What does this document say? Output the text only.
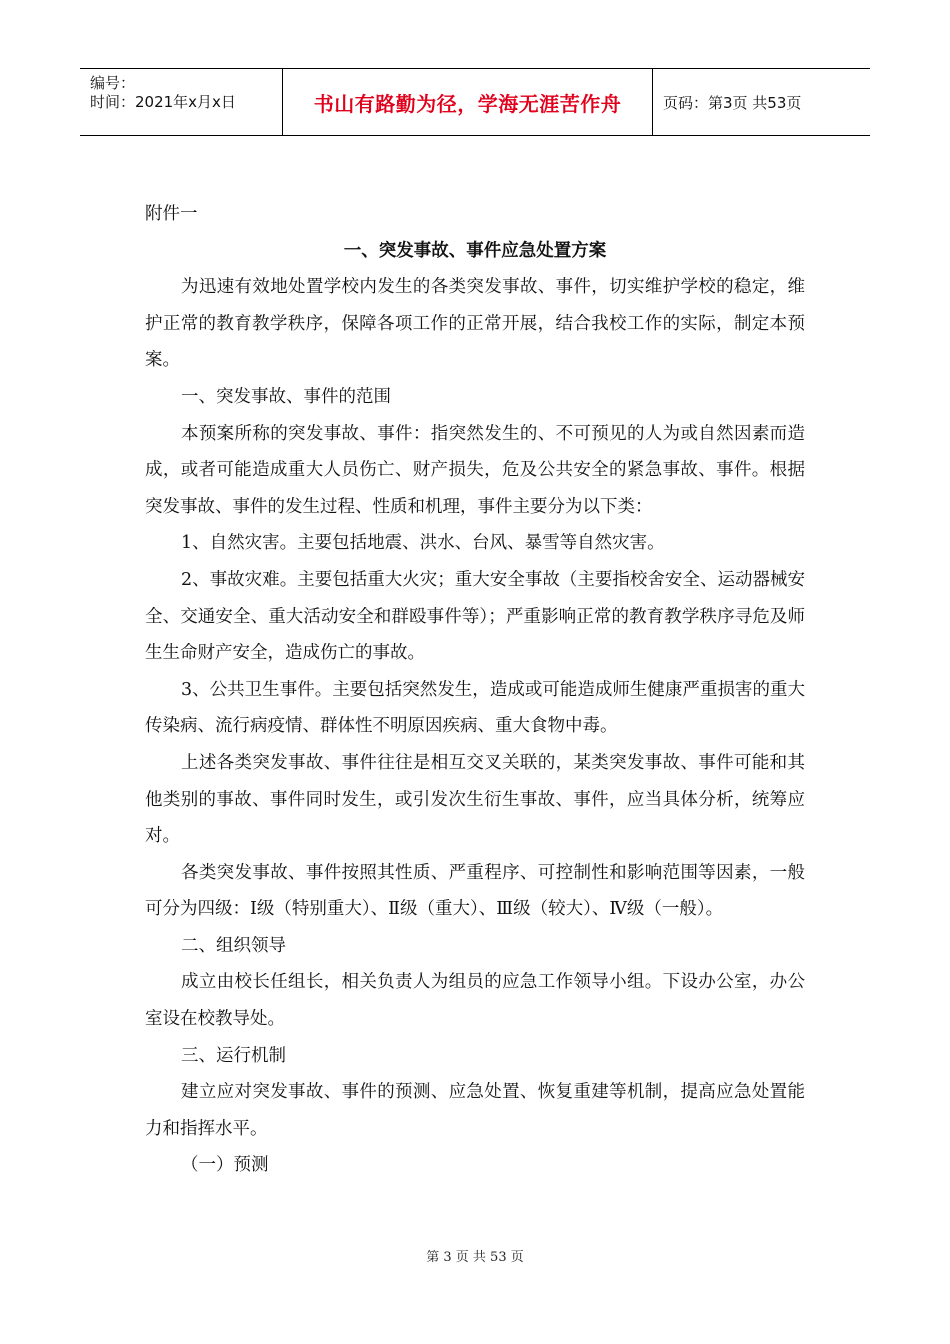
编号：
时间：2021年x月x日	书山有路勤为径，学海无涯苦作舟	页码：第3页 共53页

附件一

一、突发事故、事件应急处置方案

为迅速有效地处置学校内发生的各类突发事故、事件，切实维护学校的稳定，维护正常的教育教学秩序，保障各项工作的正常开展，结合我校工作的实际，制定本预案。

一、突发事故、事件的范围

本预案所称的突发事故、事件：指突然发生的、不可预见的人为或自然因素而造成，或者可能造成重大人员伤亡、财产损失，危及公共安全的紧急事故、事件。根据突发事故、事件的发生过程、性质和机理，事件主要分为以下类：

1、自然灾害。主要包括地震、洪水、台风、暴雪等自然灾害。

2、事故灾难。主要包括重大火灾；重大安全事故（主要指校舍安全、运动器械安全、交通安全、重大活动安全和群殴事件等）；严重影响正常的教育教学秩序寻危及师生生命财产安全，造成伤亡的事故。

3、公共卫生事件。主要包括突然发生，造成或可能造成师生健康严重损害的重大传染病、流行病疫情、群体性不明原因疾病、重大食物中毒。

上述各类突发事故、事件往往是相互交叉关联的，某类突发事故、事件可能和其他类别的事故、事件同时发生，或引发次生衍生事故、事件，应当具体分析，统筹应对。

各类突发事故、事件按照其性质、严重程序、可控制性和影响范围等因素，一般可分为四级：Ⅰ级（特别重大）、Ⅱ级（重大）、Ⅲ级（较大）、Ⅳ级（一般）。

二、组织领导

成立由校长任组长，相关负责人为组员的应急工作领导小组。下设办公室，办公室设在校教导处。

三、运行机制

建立应对突发事故、事件的预测、应急处置、恢复重建等机制，提高应急处置能力和指挥水平。

（一）预测

第 3 页 共 53 页
